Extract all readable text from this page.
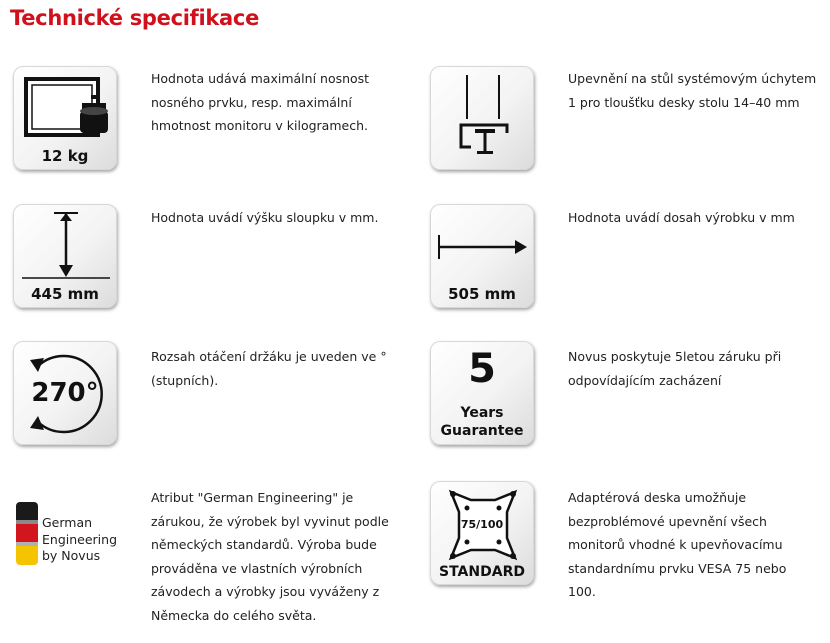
Technické specifikace
12 kg
Hodnota udává maximální nosnost nosného prvku, resp. maximální hmotnost monitoru v kilogramech.
Upevnění na stůl systémovým úchytem 1 pro tloušťku desky stolu 14–40 mm
445 mm
Hodnota uvádí výšku sloupku v mm.
505 mm
Hodnota uvádí dosah výrobku v mm
270°
Rozsah otáčení držáku je uveden ve ° (stupních).	5
Years
Guarantee
Novus poskytuje 5letou záruku při odpovídajícím zacházení
German Engineering by Novus
Atribut "German Engineering" je zárukou, že výrobek byl vyvinut podle německých standardů. Výroba bude prováděna ve vlastních výrobních závodech a výrobky jsou vyváženy z Německa do celého světa.
75/100
STANDARD
Adaptérová deska umožňuje bezproblémové upevnění všech monitorů vhodné k upevňovacímu standardnímu prvku VESA 75 nebo 100.
